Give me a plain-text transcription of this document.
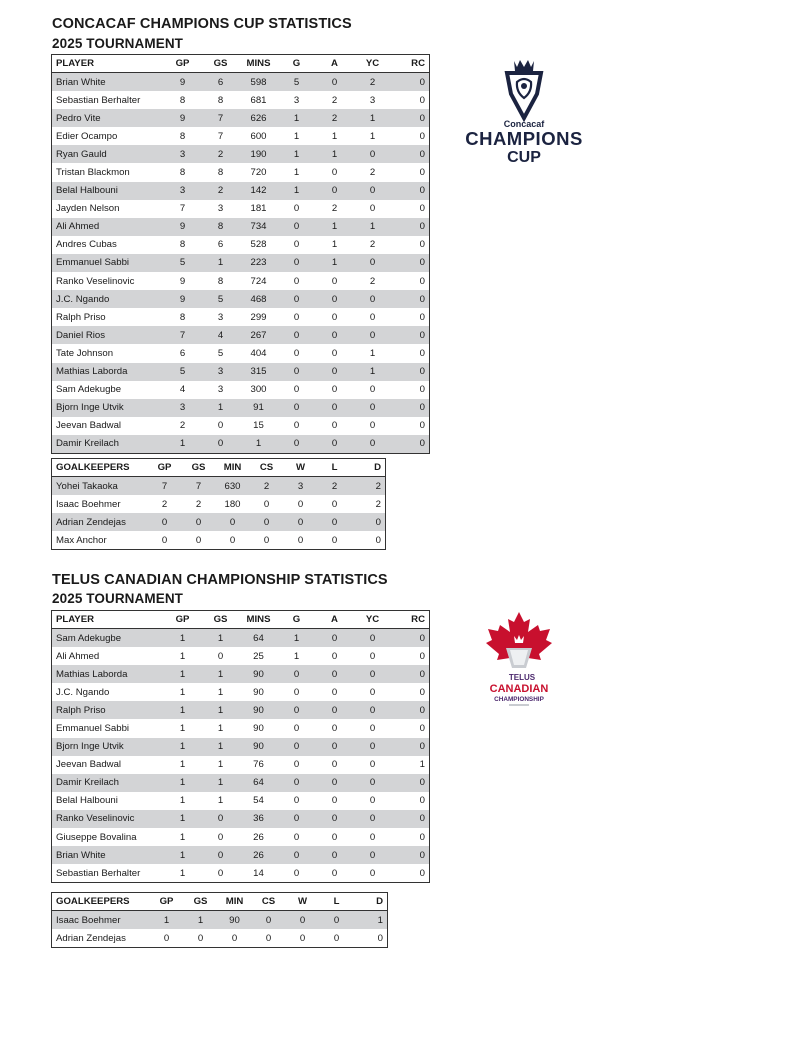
CONCACAF CHAMPIONS CUP STATISTICS
2025 TOURNAMENT
PLAYER	GP	GS	MINS	G	A	YC	RC
Brian White	9	6	598	5	0	2	0
Sebastian Berhalter	8	8	681	3	2	3	0
Pedro Vite	9	7	626	1	2	1	0
Edier Ocampo	8	7	600	1	1	1	0
Ryan Gauld	3	2	190	1	1	0	0
Tristan Blackmon	8	8	720	1	0	2	0
Belal Halbouni	3	2	142	1	0	0	0
Jayden Nelson	7	3	181	0	2	0	0
Ali Ahmed	9	8	734	0	1	1	0
Andres Cubas	8	6	528	0	1	2	0
Emmanuel Sabbi	5	1	223	0	1	0	0
Ranko Veselinovic	9	8	724	0	0	2	0
J.C. Ngando	9	5	468	0	0	0	0
Ralph Priso	8	3	299	0	0	0	0
Daniel Rios	7	4	267	0	0	0	0
Tate Johnson	6	5	404	0	0	1	0
Mathias Laborda	5	3	315	0	0	1	0
Sam Adekugbe	4	3	300	0	0	0	0
Bjorn Inge Utvik	3	1	91	0	0	0	0
Jeevan Badwal	2	0	15	0	0	0	0
Damir Kreilach	1	0	1	0	0	0	0
GOALKEEPERS	GP	GS	MIN	CS	W	L	D
Yohei Takaoka	7	7	630	2	3	2	2
Isaac Boehmer	2	2	180	0	0	0	2
Adrian Zendejas	0	0	0	0	0	0	0
Max Anchor	0	0	0	0	0	0	0
Concacaf
CHAMPIONS
CUP
TELUS CANADIAN CHAMPIONSHIP STATISTICS
2025 TOURNAMENT
PLAYER	GP	GS	MINS	G	A	YC	RC
Sam Adekugbe	1	1	64	1	0	0	0
Ali Ahmed	1	0	25	1	0	0	0
Mathias Laborda	1	1	90	0	0	0	0
J.C. Ngando	1	1	90	0	0	0	0
Ralph Priso	1	1	90	0	0	0	0
Emmanuel Sabbi	1	1	90	0	0	0	0
Bjorn Inge Utvik	1	1	90	0	0	0	0
Jeevan Badwal	1	1	76	0	0	0	1
Damir Kreilach	1	1	64	0	0	0	0
Belal Halbouni	1	1	54	0	0	0	0
Ranko Veselinovic	1	0	36	0	0	0	0
Giuseppe Bovalina	1	0	26	0	0	0	0
Brian White	1	0	26	0	0	0	0
Sebastian Berhalter	1	0	14	0	0	0	0
GOALKEEPERS	GP	GS	MIN	CS	W	L	D
Isaac Boehmer	1	1	90	0	0	0	1
Adrian Zendejas	0	0	0	0	0	0	0
TELUS
CANADIAN
CHAMPIONSHIP
